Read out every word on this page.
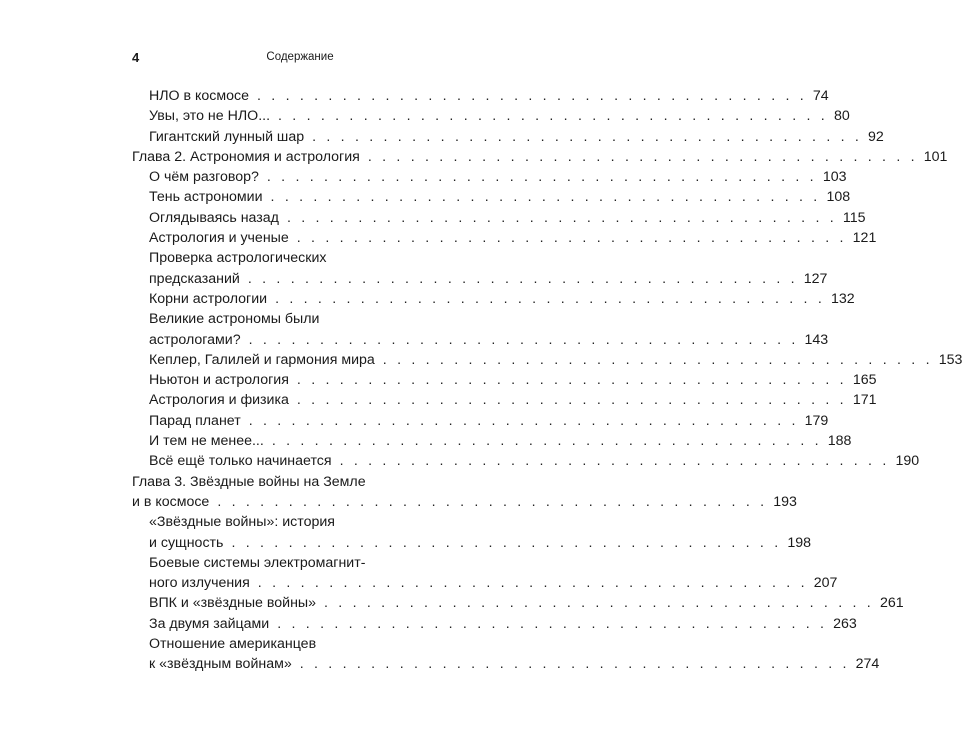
4	Содержание
НЛО в космосе . . . . . . . . . . . . . . . . . . . . . . . . . . . . . . . . . . . . . . . 74
Увы, это не НЛО... . . . . . . . . . . . . . . . . . . . . . . . . . . . . . . . . . . . . . . . 80
Гигантский лунный шар . . . . . . . . . . . . . . . . . . . . . . . . . . . . . . . . . . . . . . . 92
Глава 2. Астрономия и астрология . . . . . . . . . . . . . . . . . . . . . . . . . . . . . . . . . . . . . . . 101
О чём разговор? . . . . . . . . . . . . . . . . . . . . . . . . . . . . . . . . . . . . . . . 103
Тень астрономии . . . . . . . . . . . . . . . . . . . . . . . . . . . . . . . . . . . . . . . 108
Оглядываясь назад . . . . . . . . . . . . . . . . . . . . . . . . . . . . . . . . . . . . . . . 115
Астрология и ученые . . . . . . . . . . . . . . . . . . . . . . . . . . . . . . . . . . . . . . . 121
Проверка астрологических
предсказаний . . . . . . . . . . . . . . . . . . . . . . . . . . . . . . . . . . . . . . . 127
Корни астрологии . . . . . . . . . . . . . . . . . . . . . . . . . . . . . . . . . . . . . . . 132
Великие астрономы были
астрологами? . . . . . . . . . . . . . . . . . . . . . . . . . . . . . . . . . . . . . . . 143
Кеплер, Галилей и гармония мира . . . . . . . . . . . . . . . . . . . . . . . . . . . . . . . . . . . . . . . 153
Ньютон и астрология . . . . . . . . . . . . . . . . . . . . . . . . . . . . . . . . . . . . . . . 165
Астрология и физика . . . . . . . . . . . . . . . . . . . . . . . . . . . . . . . . . . . . . . . 171
Парад планет . . . . . . . . . . . . . . . . . . . . . . . . . . . . . . . . . . . . . . . 179
И тем не менее... . . . . . . . . . . . . . . . . . . . . . . . . . . . . . . . . . . . . . . . 188
Всё ещё только начинается . . . . . . . . . . . . . . . . . . . . . . . . . . . . . . . . . . . . . . . 190
Глава 3. Звёздные войны на Земле
и в космосе . . . . . . . . . . . . . . . . . . . . . . . . . . . . . . . . . . . . . . . 193
«Звёздные войны»: история
и сущность . . . . . . . . . . . . . . . . . . . . . . . . . . . . . . . . . . . . . . . 198
Боевые системы электромагнит-
ного излучения . . . . . . . . . . . . . . . . . . . . . . . . . . . . . . . . . . . . . . . 207
ВПК и «звёздные войны» . . . . . . . . . . . . . . . . . . . . . . . . . . . . . . . . . . . . . . . 261
За двумя зайцами . . . . . . . . . . . . . . . . . . . . . . . . . . . . . . . . . . . . . . . 263
Отношение американцев
к «звёздным войнам» . . . . . . . . . . . . . . . . . . . . . . . . . . . . . . . . . . . . . . . 274
